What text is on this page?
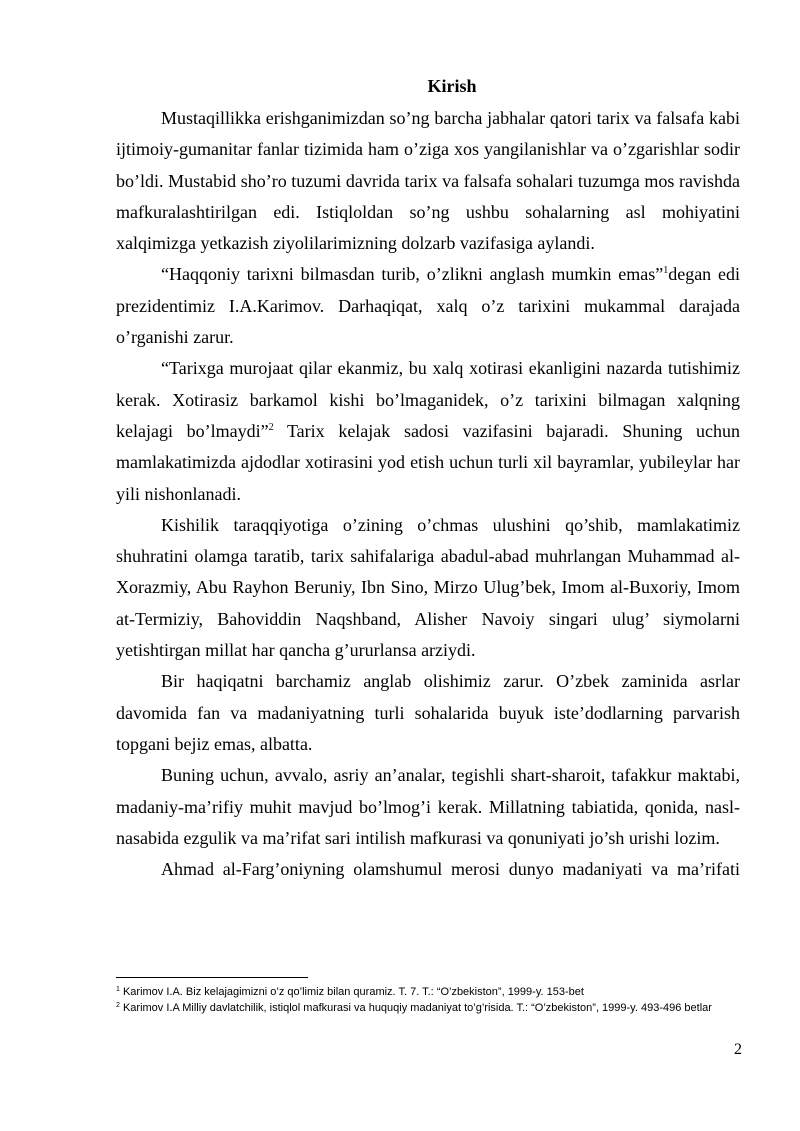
Kirish

Mustaqillikka erishganimizdan so’ng barcha jabhalar qatori tarix va falsafa kabi ijtimoiy-gumanitar fanlar tizimida ham o’ziga xos yangilanishlar va o’zgarishlar sodir bo’ldi. Mustabid sho’ro tuzumi davrida tarix va falsafa sohalari tuzumga mos ravishda mafkuralashtirilgan edi. Istiqloldan so’ng ushbu sohalarning asl mohiyatini xalqimizga yetkazish ziyolilarimizning dolzarb vazifasiga aylandi.

“Haqqoniy tarixni bilmasdan turib, o’zlikni anglash mumkin emas”$^1$degan edi prezidentimiz I.A.Karimov. Darhaqiqat, xalq o’z tarixini mukammal darajada o’rganishi zarur.

“Tarixga murojaat qilar ekanmiz, bu xalq xotirasi ekanligini nazarda tutishimiz kerak. Xotirasiz barkamol kishi bo’lmaganidek, o’z tarixini bilmagan xalqning kelajagi bo’lmaydi”$^2$ Tarix kelajak sadosi vazifasini bajaradi. Shuning uchun mamlakatimizda ajdodlar xotirasini yod etish uchun turli xil bayramlar, yubileylar har yili nishonlanadi.

Kishilik taraqqiyotiga o’zining o’chmas ulushini qo’shib, mamlakatimiz shuhratini olamga taratib, tarix sahifalariga abadul-abad muhrlangan Muhammad al-Xorazmiy, Abu Rayhon Beruniy, Ibn Sino, Mirzo Ulug’bek, Imom al-Buxoriy, Imom at-Termiziy, Bahoviddin Naqshband, Alisher Navoiy singari ulug’ siymolarni yetishtirgan millat har qancha g’ururlansa arziydi.

Bir haqiqatni barchamiz anglab olishimiz zarur. O’zbek zaminida asrlar davomida fan va madaniyatning turli sohalarida buyuk iste’dodlarning parvarish topgani bejiz emas, albatta.

Buning uchun, avvalo, asriy an’analar, tegishli shart-sharoit, tafakkur maktabi, madaniy-ma’rifiy muhit mavjud bo’lmog’i kerak. Millatning tabiatida, qonida, nasl-nasabida ezgulik va ma’rifat sari intilish mafkurasi va qonuniyati jo’sh urishi lozim.

Ahmad al-Farg’oniyning olamshumul merosi dunyo madaniyati va ma’rifati

$^1$ Karimov I.A. Biz kelajagimizni o’z qo’limiz bilan quramiz. T. 7. T.: “O’zbekiston”, 1999-y. 153-bet
$^2$ Karimov I.A Milliy davlatchilik, istiqlol mafkurasi va huquqiy madaniyat to’g’risida. T.: “O’zbekiston”, 1999-y. 493-496 betlar
2
